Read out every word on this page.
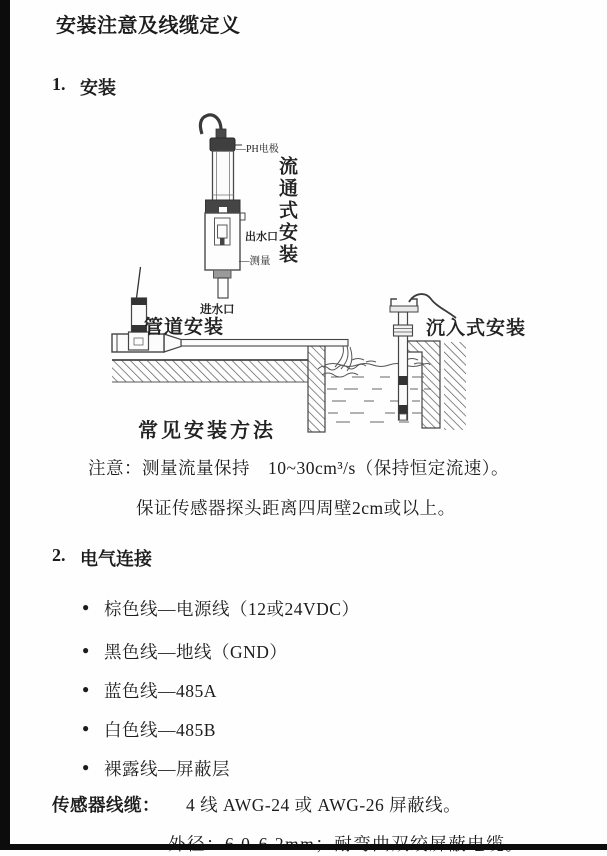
安装注意及线缆定义
1. 安装
—PH电极
流通式安装
出水口
—测量
进水口
管道安装	沉入式安装
常见安装方法
注意：测量流量保持　10~30cm³/s（保持恒定流速）。
保证传感器探头距离四周壁2cm或以上。
2. 电气连接
● 棕色线—电源线（12或24VDC）
● 黑色线—地线（GND）
● 蓝色线—485A
● 白色线—485B
● 裸露线—屏蔽层
传感器线缆： 4 线 AWG-24 或 AWG-26 屏蔽线。
